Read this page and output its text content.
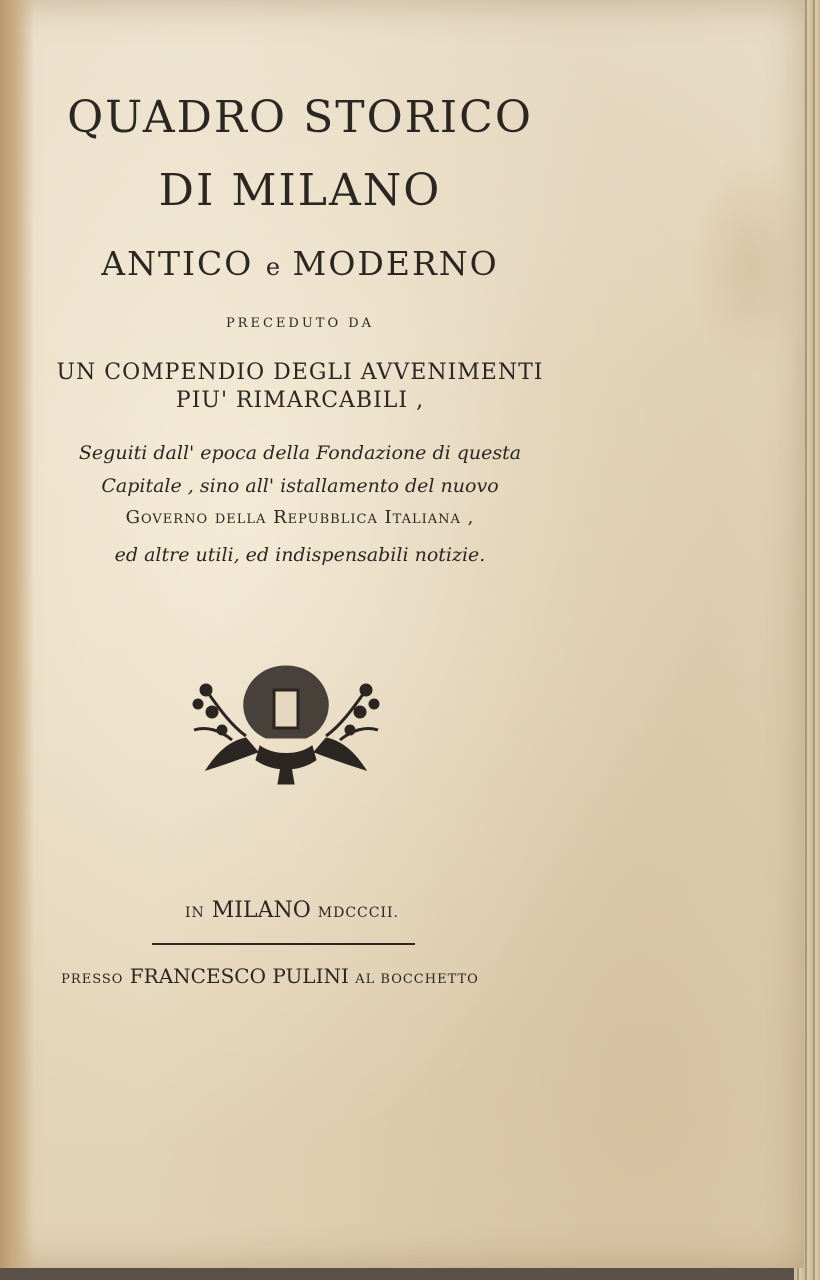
QUADRO STORICO
DI MILANO
ANTICO e MODERNO
PRECEDUTO DA
UN COMPENDIO DEGLI AVVENIMENTI
PIU' RIMARCABILI ,
Seguiti dall' epoca della Fondazione di questa
Capitale , sino all' istallamento del nuovo
Governo della Repubblica Italiana ,
ed altre utili, ed indispensabili notizie.
IN MILANO MDCCCII.
PRESSO FRANCESCO PULINI AL BOCCHETTO
